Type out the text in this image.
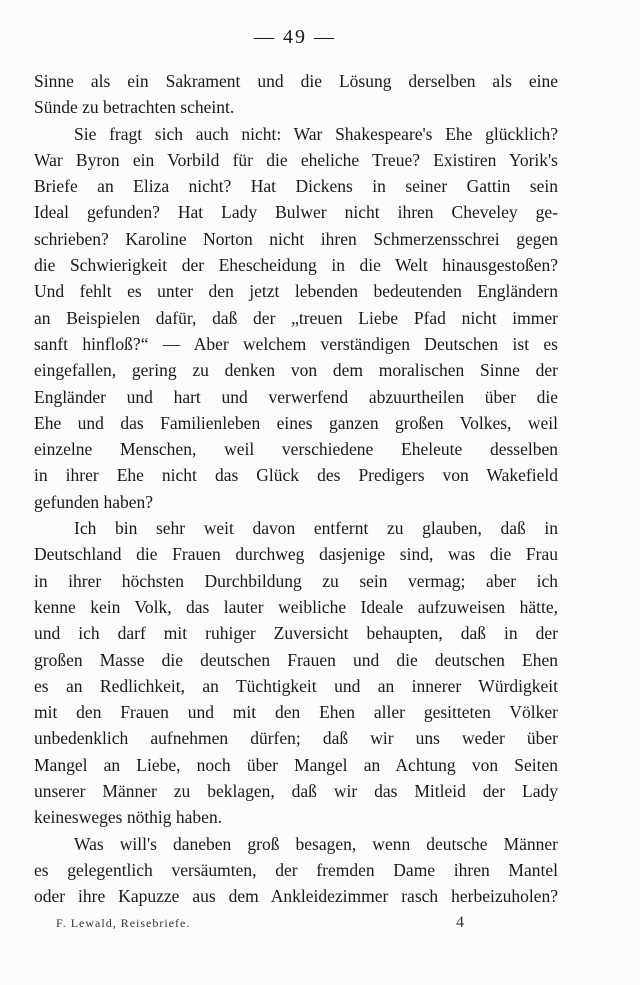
— 49 —
Sinne als ein Sakrament und die Lösung derselben als eine
Sünde zu betrachten scheint.
Sie fragt sich auch nicht: War Shakespeare's Ehe glücklich?
War Byron ein Vorbild für die eheliche Treue? Existiren Yorik's
Briefe an Eliza nicht? Hat Dickens in seiner Gattin sein
Ideal gefunden? Hat Lady Bulwer nicht ihren Cheveley ge-
schrieben? Karoline Norton nicht ihren Schmerzensschrei gegen
die Schwierigkeit der Ehescheidung in die Welt hinausgestoßen?
Und fehlt es unter den jetzt lebenden bedeutenden Engländern
an Beispielen dafür, daß der „treuen Liebe Pfad nicht immer
sanft hinfloß?“ — Aber welchem verständigen Deutschen ist es
eingefallen, gering zu denken von dem moralischen Sinne der
Engländer und hart und verwerfend abzuurtheilen über die
Ehe und das Familienleben eines ganzen großen Volkes, weil
einzelne Menschen, weil verschiedene Eheleute desselben
in ihrer Ehe nicht das Glück des Predigers von Wakefield
gefunden haben?
Ich bin sehr weit davon entfernt zu glauben, daß in
Deutschland die Frauen durchweg dasjenige sind, was die Frau
in ihrer höchsten Durchbildung zu sein vermag; aber ich
kenne kein Volk, das lauter weibliche Ideale aufzuweisen hätte,
und ich darf mit ruhiger Zuversicht behaupten, daß in der
großen Masse die deutschen Frauen und die deutschen Ehen
es an Redlichkeit, an Tüchtigkeit und an innerer Würdigkeit
mit den Frauen und mit den Ehen aller gesitteten Völker
unbedenklich aufnehmen dürfen; daß wir uns weder über
Mangel an Liebe, noch über Mangel an Achtung von Seiten
unserer Männer zu beklagen, daß wir das Mitleid der Lady
keinesweges nöthig haben.
Was will's daneben groß besagen, wenn deutsche Männer
es gelegentlich versäumten, der fremden Dame ihren Mantel
oder ihre Kapuzze aus dem Ankleidezimmer rasch herbeizuholen?
F. Lewald, Reisebriefe.	4
